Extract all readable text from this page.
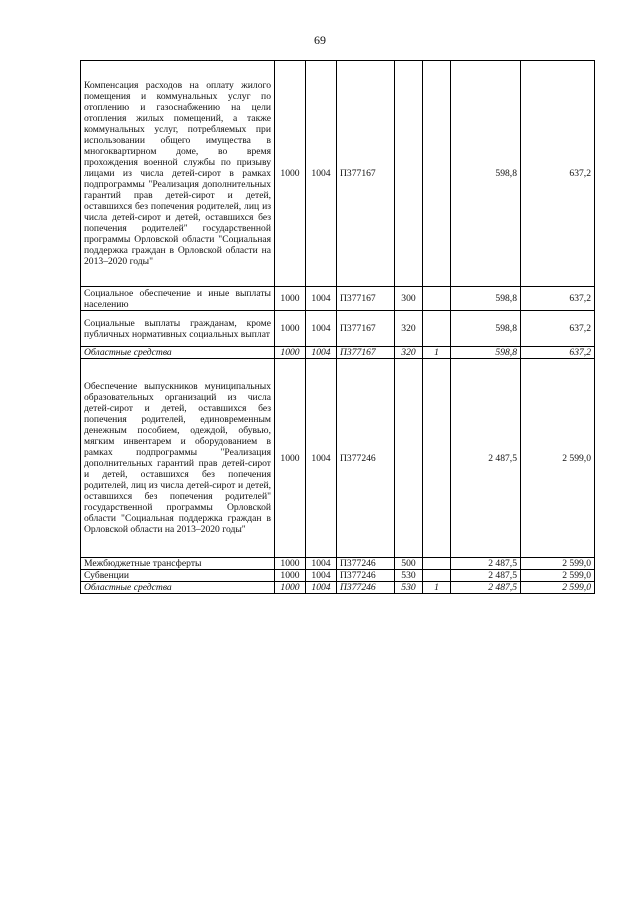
69
Компенсация расходов на оплату жилого помещения и коммунальных услуг по отоплению и газоснабжению на цели отопления жилых помещений, а также коммунальных услуг, потребляемых при использовании общего имущества в многоквартирном доме, во время прохождения военной службы по призыву лицами из числа детей-сирот в рамках подпрограммы "Реализация дополнительных гарантий прав детей-сирот и детей, оставшихся без попечения родителей, лиц из числа детей-сирот и детей, оставшихся без попечения родителей" государственной программы Орловской области "Социальная поддержка граждан в Орловской области на 2013–2020 годы"	1000	1004	П377167			598,8	637,2
Социальное обеспечение и иные выплаты населению	1000	1004	П377167	300		598,8	637,2
Социальные выплаты гражданам, кроме публичных нормативных социальных выплат	1000	1004	П377167	320		598,8	637,2
Областные средства	1000	1004	П377167	320	1	598,8	637,2
Обеспечение выпускников муниципальных образовательных организаций из числа детей-сирот и детей, оставшихся без попечения родителей, единовременным денежным пособием, одеждой, обувью, мягким инвентарем и оборудованием в рамках подпрограммы "Реализация дополнительных гарантий прав детей-сирот и детей, оставшихся без попечения родителей, лиц из числа детей-сирот и детей, оставшихся без попечения родителей" государственной программы Орловской области "Социальная поддержка граждан в Орловской области на 2013–2020 годы"	1000	1004	П377246			2 487,5	2 599,0
Межбюджетные трансферты	1000	1004	П377246	500		2 487,5	2 599,0
Субвенции	1000	1004	П377246	530		2 487,5	2 599,0
Областные средства	1000	1004	П377246	530	1	2 487,5	2 599,0
